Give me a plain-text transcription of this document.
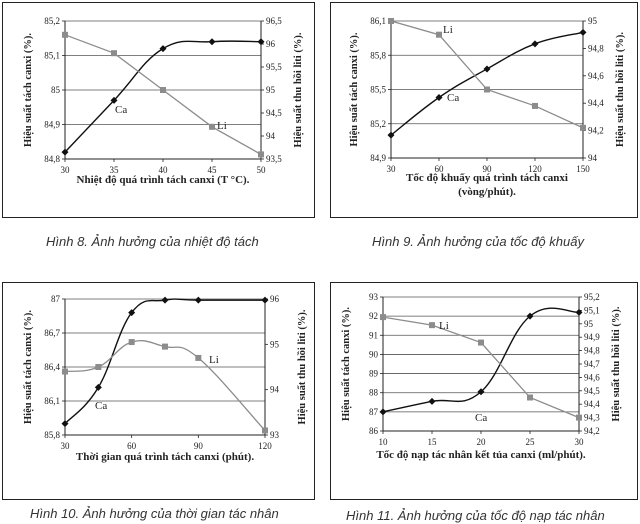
84,8
84,9
85
85,1
85,2
93,5
94
94,5
95
95,5
96
96,5
30	35	40	45	50
Nhiệt độ quá trình tách canxi (T °C).
Hiệu suất tách canxi (%).	Hiệu suất thu hồi liti (%).
Ca
Li
Hình 8. Ảnh hưởng của nhiệt độ tách
84,9
85,2
85,5
85,8
86,1
94
94,2
94,4
94,6
94,8
95
30	60	90	120	150
Tốc độ khuấy quá trình tách canxi
(vòng/phút).
Hiệu suất tách canxi (%).	Hiệu suất thu hồi liti (%).
Ca
Li
Hình 9. Ảnh hưởng của tốc độ khuấy
85,8
86,1
86,4
86,7
87
93
94
95
96
30	60	90	120
Thời gian quá trình tách canxi (phút).
Hiệu suất tách canxi (%).	Hiệu suất thu hồi liti (%).
Ca
Li
Hình 10. Ảnh hưởng của thời gian tác nhân
86
87
88
89
90
91
92
93
94,2
94,3
94,4
94,5
94,6
94,7
94,8
94,9
95
95,1
95,2
10	15	20	25	30
Tốc độ nạp tác nhân kết tủa canxi (ml/phút).
Hiệu suất tách canxi (%).	Hiệu suất thu hồi liti (%).
Ca
Li
Hình 11. Ảnh hưởng của tốc độ nạp tác nhân
